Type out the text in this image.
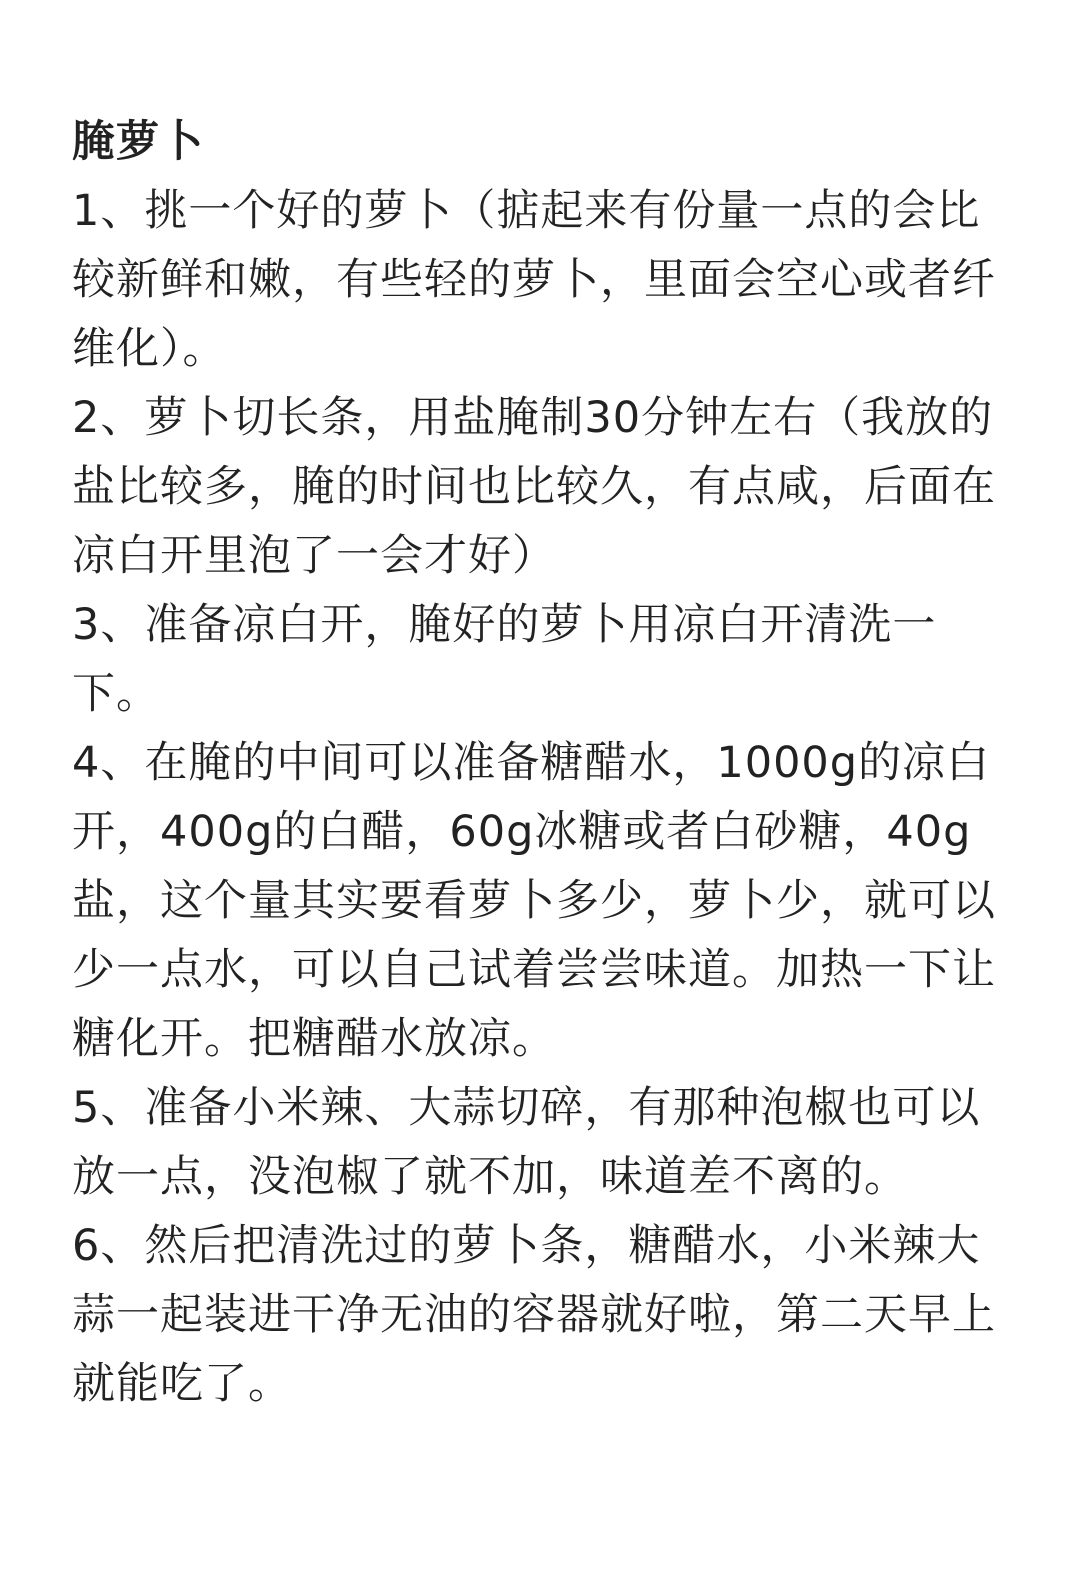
腌萝卜

1、挑一个好的萝卜（掂起来有份量一点的会比较新鲜和嫩，有些轻的萝卜，里面会空心或者纤维化）。

2、萝卜切长条，用盐腌制30分钟左右（我放的盐比较多，腌的时间也比较久，有点咸，后面在凉白开里泡了一会才好）

3、准备凉白开，腌好的萝卜用凉白开清洗一下。

4、在腌的中间可以准备糖醋水，1000g的凉白开，400g的白醋，60g冰糖或者白砂糖，40g盐，这个量其实要看萝卜多少，萝卜少，就可以少一点水，可以自己试着尝尝味道。加热一下让糖化开。把糖醋水放凉。

5、准备小米辣、大蒜切碎，有那种泡椒也可以放一点，没泡椒了就不加，味道差不离的。

6、然后把清洗过的萝卜条，糖醋水，小米辣大蒜一起装进干净无油的容器就好啦，第二天早上就能吃了。
